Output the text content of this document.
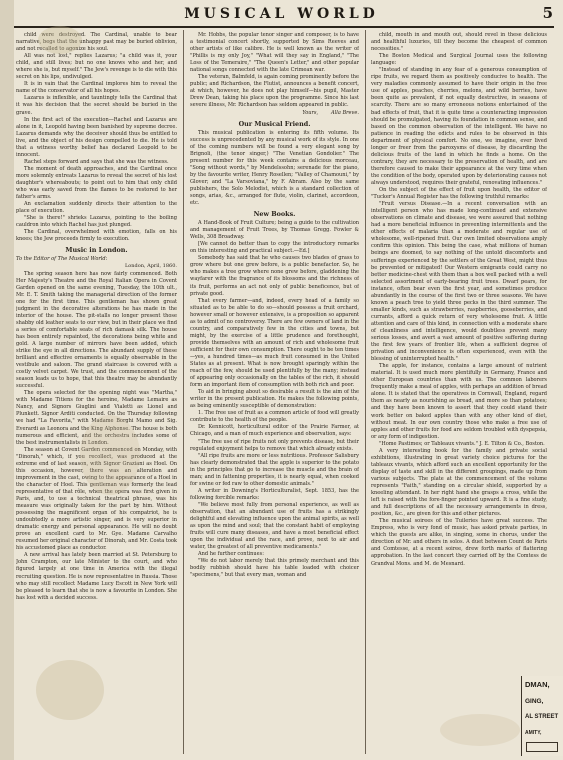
MUSICAL WORLD	5

child were destroyed. The Cardinal, unable to bear narrative, begs that the unhappy past may be buried oblivion, and not recalled to agonize his soul.

All was not lost," replies Lazarus; "a child was it, your child, and still lives; but no one knows who and her, and where she is, but myself." The Jew's revenge is to die with this secret on his lips, undivulged.

It is in vain that the Cardinal implores him to reveal the name of the conservator of all his hopes.

Lazarus is inflexible, and tauntingly tells the Cardinal that it was his decision that the secret should be buried in the grave.

In the first act of the execution—Rachel and Lazarus are alone in it, Leopold having been banished by supreme decree. Lazarus demands why the deceiver should thus be entitled to live, and the object of his design compelled to die. He is told that a witness worthy belief has declared Leopold to be innocent.

Rachel steps forward and says that she was the witness.

The moment of death approaches, and the Cardinal once more solemnly entreats Lazarus to reveal the secret of his lost daughter's whereabouts; to point out to him that only child who was early saved from the flames to be restored to her father's arms.

An exclamation suddenly directs their attention to the place of execution.

"She is there!" shrieks Lazarus, pointing to the boiling cauldron into which Rachel has just plunged.

The Cardinal, overwhelmed with emotion, falls on his knees; the Jew proceeds firmly to execution.

Music in London.

To the Editor of The Musical World:

London, April, 1860.

The spring season here has now fairly commenced. Both Her Majesty's Theatre and the Royal Italian Opera in Covent Garden opened on the same evening, Tuesday, the 10th ult., Mr. E. T. Smith taking the managerial direction of the former one for the first time. This gentleman has shown great judgment in the decorative alterations he has made in the interior of the house. The pit-stalls no longer present those shabby old leather seats to our view, but in their place we find a series of comfortable seats of rich damask silk. The house has been entirely repainted, the decorations being white and gold. A large number of mirrors have been added, which strike the eye in all directions. The abundant supply of these brilliant and effective ornaments is equally observable in the vestibule and saloon. The grand staircase is covered with a costly velvet carpet. We trust, and the commencement of the season leads us to hope, that this theatre may be abundantly successful.

The opera selected for the opening night was "Martha," with Madame Titiens for the heroine, Madame Lemaire as Nancy, and Signors Giuglini and Vialetti as Lionel and Plunkett. Signor Arditi conducted. On the Thursday following we had "La Favorita," with Madame Borghi Mamo and Sig. Everardi as Leonora and the King Alphonse. The house is both numerous and efficient, and the orchestra includes some of the best instrumentalists in London.

The season at Covent Garden commenced on Monday, with "Dinorah," which, if you recollect, was produced at the extreme end of last season, with Signor Graziani as Hoel. On this occasion, however, there was an alteration and improvement in the cast, owing to the appearance of a Hoel in the character of Hoel. This gentleman was formerly the lead representative of that rôle, when the opera was first given in Paris, and, to use a technical theatrical phrase, was his measure was originally taken for the part by him. Without possessing the magnificent organ of his compatriot, he is undoubtedly a more artistic singer, and is very superior in dramatic energy and personal appearance. He will no doubt prove an excellent card to Mr. Gye. Madame Carvalho resumed her original character of Dinorah, and Mr. Costa took his accustomed place as conductor.

A new arrival has lately been married at St. Petersburg to John Crampton, our late Minister to the court, and who figured largely at one time in America with the illegal recruiting question. He is now representative in Russia. Those who may still recollect Madame Lucy Escott in New York will be pleased to learn that she is now a favourite in London. She has lost with a decided success.

Mr. Hobbs, the popular tenor singer and composer, is to have a testimonial concert shortly, supported by Sims Reeves and other artists of like calibre. He is well known as the writer of "Phillis is my only Joy," "What will they say in England," "The Loss of the Temeraire," "The Queen's Letter," and other popular national songs connected with the late Crimean war.

The veteran, Balmfeld, is again coming prominently before the public; and Richardson, the Flutist, announces a benefit concert, at which, however, he does not play himself—his pupil, Master Drew Dean, taking his place upon the programme. Since his last severe illness, Mr. Richardson has seldom appeared in public.

Yours,	Alla Breve.

Our Musical Friend.

This musical publication is entering its fifth volume. Its success is unprecedented by any musical work of its style. In one of the coming numbers will be found a very elegant song by Brignoli, (the tenor singer,) "The Venetian Gondolier." The present number for this week contains a delicious morceau, "Song without words," by Mendelssohn; serenade for the piano, by the favourite writer, Henry Rosellen; "Valley of Chamouni," by Glover; and "La Varsoviana," by F. Abram. Also by the same publishers, the Solo Melodist, which is a standard collection of songs, arias, &c., arranged for flute, violin, clarinet, accordeon, etc.

New Books.

A Hand-Book of Fruit Culture; being a guide to the cultivation and management of Fruit Trees, by Thomas Gregg. Fowler & Wells, 308 Broadway.

[We cannot do better than to copy the introductory remarks on this interesting and practical subject.—Ed.]

Somebody has said that he who causes two blades of grass to grow where but one grew before, is a public benefactor. So, he who makes a tree grow where none grew before, gladdening the wayfarer with the fragrance of its blossoms and the richness of its fruit, performs an act not only of public beneficence, but of private good.

That every farmer—and, indeed, every head of a family so situated as to be able to do so—should possess a fruit orchard, however small or however extensive, is a proposition so apparent as to admit of no controversy. There are few owners of land in the country, and comparatively few in the cities and towns, but might, by the exercise of a little prudence and forethought, provide themselves with an amount of rich and wholesome fruit sufficient for their own consumption. There ought to be ten times—yes, a hundred times—as much fruit consumed in the United States as at present. What is now brought sparingly within the reach of the few, should be used plentifully by the many; instead of appearing only occasionally on the tables of the rich, it should form an important item of consumption with both rich and poor.

To aid in bringing about so desirable a result is the aim of the writer in the present publication. He makes the following points, as being eminently susceptible of demonstration:

1. The free use of fruit as a common article of food will greatly contribute to the health of the people.

Dr. Kennicott, horticultural editor of the Prairie Farmer, at Chicago, and a man of much experience and observation, says:

"The free use of ripe fruits not only prevents disease, but their regulated enjoyment helps to remove that which already exists.

"All ripe fruits are more or less nutritious. Professor Salisbury has clearly demonstrated that the apple is superior to the potato in the principles that go to increase the muscle and the brain of man; and in fattening properties, it is nearly equal, when cooked for swine or fed raw to other domestic animals."

A writer in Downing's Horticulturalist, Sept. 1853, has the following forcible remarks:

"We believe most fully from personal experience, as well as observation, that an abundant use of fruits has a strikingly delightful and elevating influence upon the animal spirits, as well as upon the mind and soul; that the constant habit of employing fruits will cure many diseases, and have a most beneficial effect upon the individual and the race, and prove, next to air and water, the greatest of all preventive medicaments."

And he further continues:

"We do not labor merely that this primely merchant and this bodily rubbish should have his table loaded with choicer "specimens," but that every man, woman and

child, mouth in and mouth out, should revel in these delicious and healthful luxuries, till they become the cheapest of common necessities."

The Boston Medical and Surgical Journal uses the following language:

"Instead of standing in any fear of a generous consumption of ripe fruits, we regard them as positively conducive to health. The very maladies commonly assumed to have their origin in the free use of apples, peaches, cherries, melons, and wild berries, have been quite as prevalent, if not equally destructive, in seasons of scarcity. There are so many erroneous notions entertained of the bad effects of fruit, that it is quite time a counteracting impression should be promulgated, having its foundation in common sense, and based on the common observation of the intelligent. We have no patience in reading the edicts and rules to be observed in this department of physical comfort. No one, we imagine, ever lived longer or freer from the paroxysms of disease, by discarding the delicious fruits of the land in which he finds a home. On the contrary, they are necessary to the preservation of health, and are therefore caused to make their appearance at the very time when the condition of the body, operated upon by deteriorating causes not always understood, requires their grateful, renovating influences."

On the subject of the effect of fruit upon health, the editor of "Tucker's Annual Register has the following truthful remarks:

"Fruit versus Disease.—In a recent conversation with an intelligent person who has made long-continued and extensive observations on climate and disease, we were assured that nothing had a more beneficial influence in preventing intermittents and the other effects of malaria than a moderate and regular use of wholesome, well-ripened fruit. Our own limited observations amply confirm this opinion. This being the case, what millions of human beings are doomed, to say nothing of the untold discomforts and sufferings experienced by the settlers of the Great West, might thus be prevented or mitigated! Our Western emigrants could carry no better medicine-chest with them than a box well packed with a well selected assortment of early-bearing fruit trees. Dwarf pears, for instance, often bear even the first year, and sometimes produce abundantly in the course of the first two or three seasons. We have known a peach tree to yield three pecks in the third summer. The smaller kinds, such as strawberries, raspberries, gooseberries, and currants, afford a quick return of very wholesome fruit. A little attention and care of this kind, in connection with a moderate share of cleanliness and intelligence, would doubtless prevent many serious losses, and avert a vast amount of positive suffering during the first few years of frontier life, when a sufficient degree of privation and inconvenience is often experienced, even with the blessing of uninterrupted health."

The apple, for instance, contains a large amount of nutrient material. It is used much more plentifully in Germany, France and other European countries than with us. The common laborers frequently make a meal of apples, with perhaps an addition of bread alone. It is stated that the operatives in Cornwall, England, regard them as nearly as nourishing as bread, and more so than potatoes; and they have been known to assert that they could stand their work better on baked apples than with any other kind of diet, without meat. In our own country those who make a free use of apples and other fruits for food are seldom troubled with dyspepsia, or any form of indigestion.

"Home Pastimes; or Tableaux vivants." J. E. Tilton & Co., Boston.

A very interesting book for the family and private social exhibitions, illustrating in great variety choice pictures for the tableaux vivants, which afford such an excellent opportunity for the display of taste and skill in the different groupings, made up from various subjects. The plate at the commencement of the volume represents "Faith," standing on a circular shield, supported by a kneeling attendant. In her right hand she grasps a cross, while the left is raised with the fore-finger pointed upward. It is a fine study, and full descriptions of all the necessary arrangements in dress, position, &c., are given for this and other pictures.

The musical soirees of the Tuileries have great success. The Empress, who is very fond of music, has asked private parties, in which the guests are alike, in singing, some in chorus, under the direction of Mr. and others in solos. A duet between Count de Paris and Comtesse, at a recent soiree, drew forth marks of flattering approbation. In the last concert they carried off by the Comtess de Grandval Mons. and M. de Mesnard.

DMAN,
GING,
AL STREET
AMITY,
